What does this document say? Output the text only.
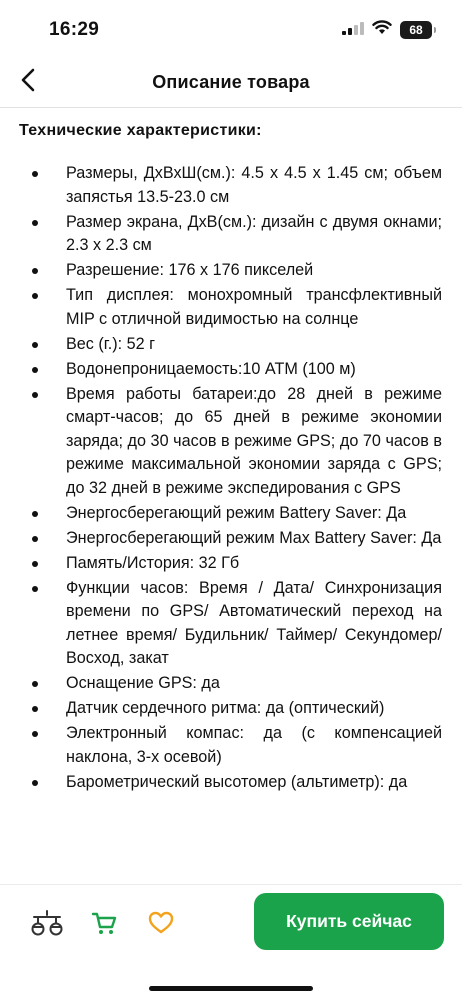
16:29	68
Описание товара
Технические характеристики:
Размеры, ДхВхШ(см.): 4.5 x 4.5 x 1.45 см; объем запястья 13.5-23.0 см
Размер экрана, ДхВ(см.): дизайн с двумя окнами; 2.3 x 2.3 см
Разрешение: 176 x 176 пикселей
Тип дисплея: монохромный трансфлективный MIP с отличной видимостью на солнце
Вес (г.): 52 г
Водонепроницаемость:10 АТМ (100 м)
Время работы батареи:до 28 дней в режиме смарт-часов; до 65 дней в режиме экономии заряда; до 30 часов в режиме GPS; до 70 часов в режиме максимальной экономии заряда с GPS; до 32 дней в режиме экспедирования с GPS
Энергосберегающий режим Battery Saver: Да
Энергосберегающий режим Max Battery Saver: Да
Память/История: 32 Гб
Функции часов: Время / Дата/ Синхронизация времени по GPS/ Автоматический переход на летнее время/ Будильник/ Таймер/ Секундомер/ Восход, закат
Оснащение GPS: да
Датчик сердечного ритма: да (оптический)
Электронный компас: да (с компенсацией наклона, 3-х осевой)
Барометрический высотомер (альтиметр): да
Купить сейчас
